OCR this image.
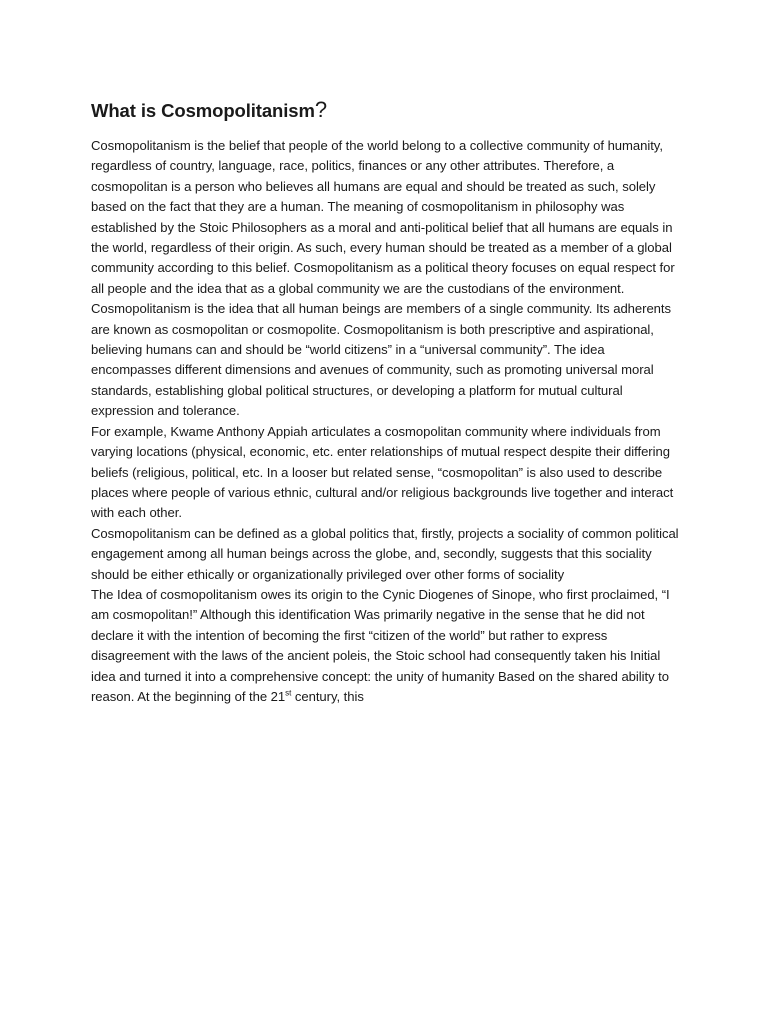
What is Cosmopolitanism?

Cosmopolitanism is the belief that people of the world belong to a collective community of humanity, regardless of country, language, race, politics, finances or any other attributes. Therefore, a cosmopolitan is a person who believes all humans are equal and should be treated as such, solely based on the fact that they are a human. The meaning of cosmopolitanism in philosophy was established by the Stoic Philosophers as a moral and anti-political belief that all humans are equals in the world, regardless of their origin. As such, every human should be treated as a member of a global community according to this belief. Cosmopolitanism as a political theory focuses on equal respect for all people and the idea that as a global community we are the custodians of the environment.

Cosmopolitanism is the idea that all human beings are members of a single community. Its adherents are known as cosmopolitan or cosmopolite. Cosmopolitanism is both prescriptive and aspirational, believing humans can and should be “world citizens” in a “universal community”. The idea encompasses different dimensions and avenues of community, such as promoting universal moral standards, establishing global political structures, or developing a platform for mutual cultural expression and tolerance.

For example, Kwame Anthony Appiah articulates a cosmopolitan community where individuals from varying locations (physical, economic, etc. enter relationships of mutual respect despite their differing beliefs (religious, political, etc. In a looser but related sense, “cosmopolitan” is also used to describe places where people of various ethnic, cultural and/or religious backgrounds live together and interact with each other.

Cosmopolitanism can be defined as a global politics that, firstly, projects a sociality of common political engagement among all human beings across the globe, and, secondly, suggests that this sociality should be either ethically or organizationally privileged over other forms of sociality

The Idea of cosmopolitanism owes its origin to the Cynic Diogenes of Sinope, who first proclaimed, “I am cosmopolitan!” Although this identification Was primarily negative in the sense that he did not declare it with the intention of becoming the first “citizen of the world” but rather to express disagreement with the laws of the ancient poleis, the Stoic school had consequently taken his Initial idea and turned it into a comprehensive concept: the unity of humanity Based on the shared ability to reason. At the beginning of the 21st century, this
